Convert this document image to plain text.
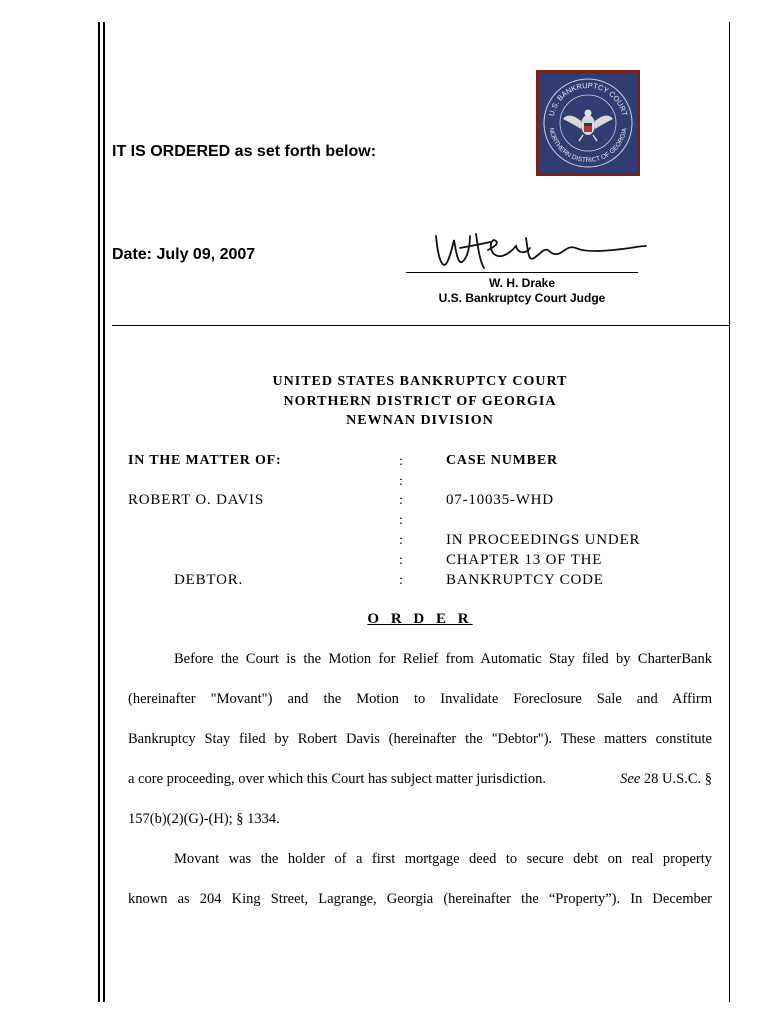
U.S. BANKRUPTCY COURT
NORTHERN DISTRICT OF GEORGIA
IT IS ORDERED as set forth below:
Date: July 09, 2007
W. H. Drake
U.S. Bankruptcy Court Judge
UNITED STATES BANKRUPTCY COURT
NORTHERN DISTRICT OF GEORGIA
NEWNAN DIVISION
IN THE MATTER OF:
ROBERT O. DAVIS
DEBTOR.
:
:
:
:
:
:
:
CASE NUMBER
07-10035-WHD
IN PROCEEDINGS UNDER
CHAPTER 13 OF THE
BANKRUPTCY CODE
O R D E R
Before the Court is the Motion for Relief from Automatic Stay filed by CharterBank
(hereinafter "Movant") and the Motion to Invalidate Foreclosure Sale and Affirm
Bankruptcy Stay filed by Robert Davis (hereinafter the "Debtor"). These matters constitute
a core proceeding, over which this Court has subject matter jurisdiction.	See 28 U.S.C. §
157(b)(2)(G)-(H); § 1334.
Movant was the holder of a first mortgage deed to secure debt on real property
known as 204 King Street, Lagrange, Georgia (hereinafter the “Property”). In December
